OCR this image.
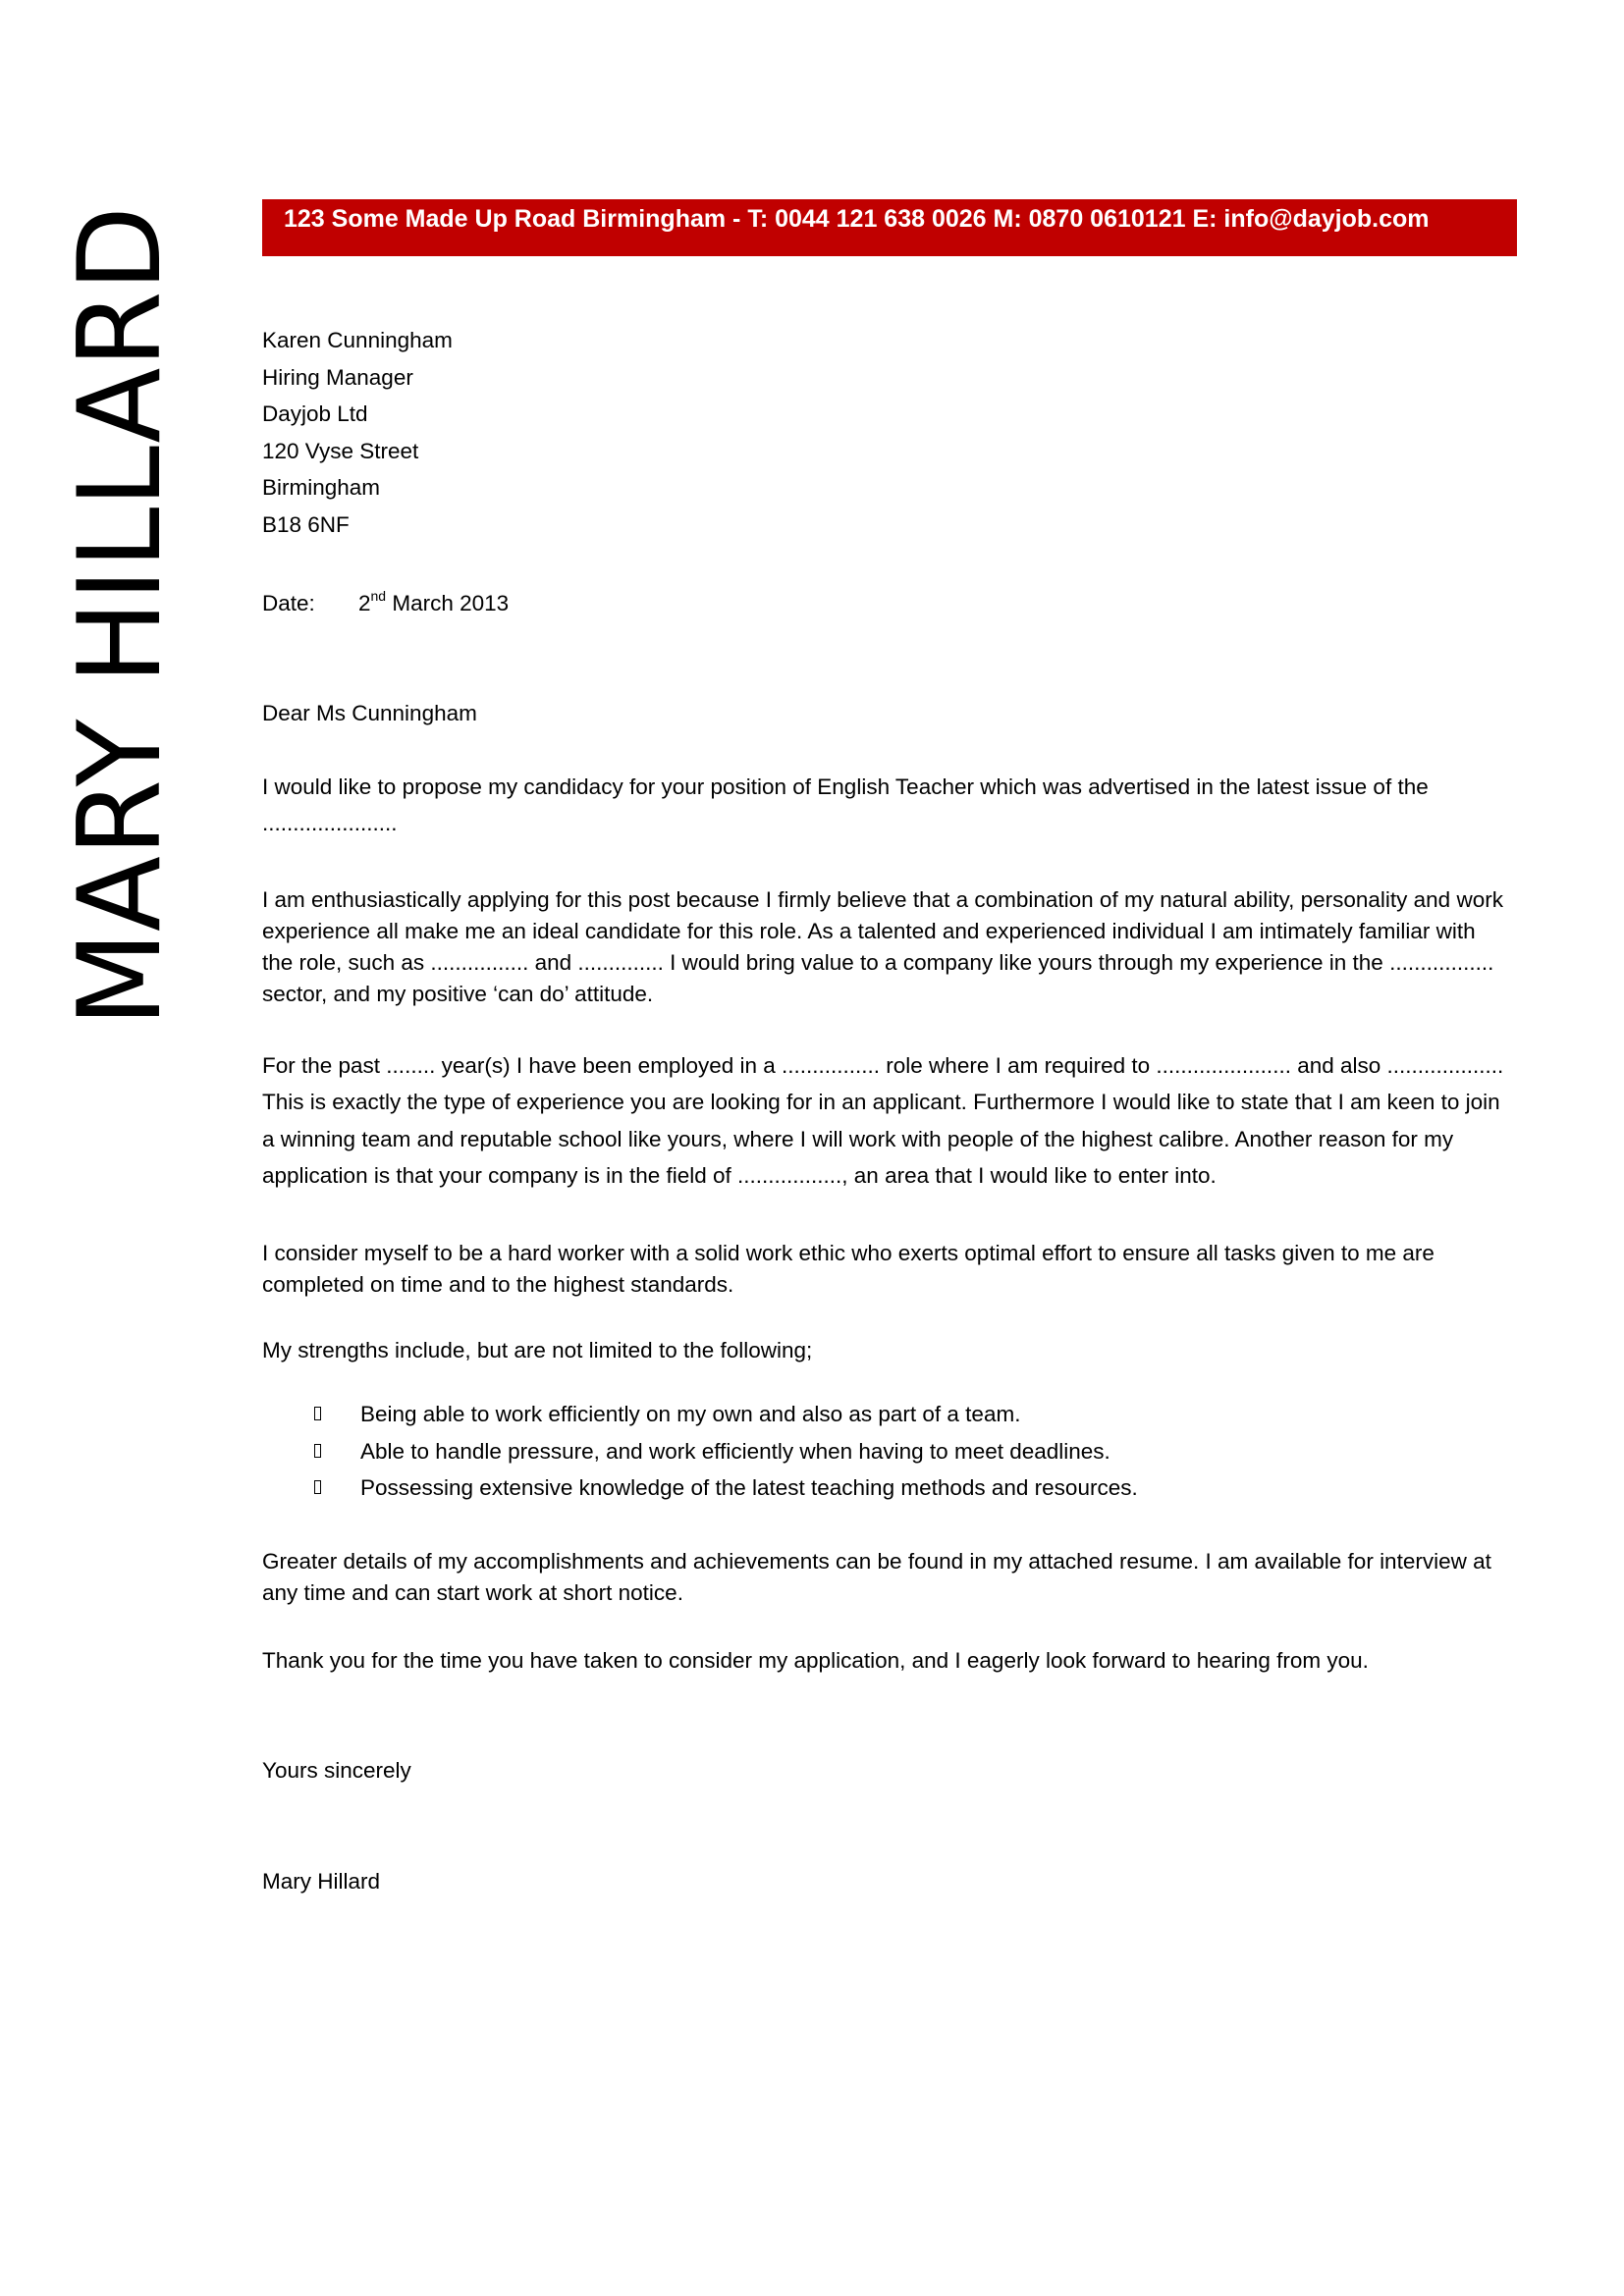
MARY HILLARD	123 Some Made Up Road Birmingham - T: 0044 121 638 0026 M: 0870 0610121 E: info@dayjob.com
Karen Cunningham
Hiring Manager
Dayjob Ltd
120 Vyse Street
Birmingham
B18 6NF
Date: 2nd March 2013

Dear Ms Cunningham

I would like to propose my candidacy for your position of English Teacher which was advertised in the latest issue of the ......................

I am enthusiastically applying for this post because I firmly believe that a combination of my natural ability, personality and work experience all make me an ideal candidate for this role. As a talented and experienced individual I am intimately familiar with the role, such as ................ and .............. I would bring value to a company like yours through my experience in the ................. sector, and my positive ‘can do’ attitude.

For the past ........ year(s) I have been employed in a ................ role where I am required to ...................... and also ................... This is exactly the type of experience you are looking for in an applicant. Furthermore I would like to state that I am keen to join a winning team and reputable school like yours, where I will work with people of the highest calibre. Another reason for my application is that your company is in the field of ................., an area that I would like to enter into.

I consider myself to be a hard worker with a solid work ethic who exerts optimal effort to ensure all tasks given to me are completed on time and to the highest standards.

My strengths include, but are not limited to the following;

Being able to work efficiently on my own and also as part of a team.
Able to handle pressure, and work efficiently when having to meet deadlines.
Possessing extensive knowledge of the latest teaching methods and resources.

Greater details of my accomplishments and achievements can be found in my attached resume. I am available for interview at any time and can start work at short notice.

Thank you for the time you have taken to consider my application, and I eagerly look forward to hearing from you.

Yours sincerely

Mary Hillard
